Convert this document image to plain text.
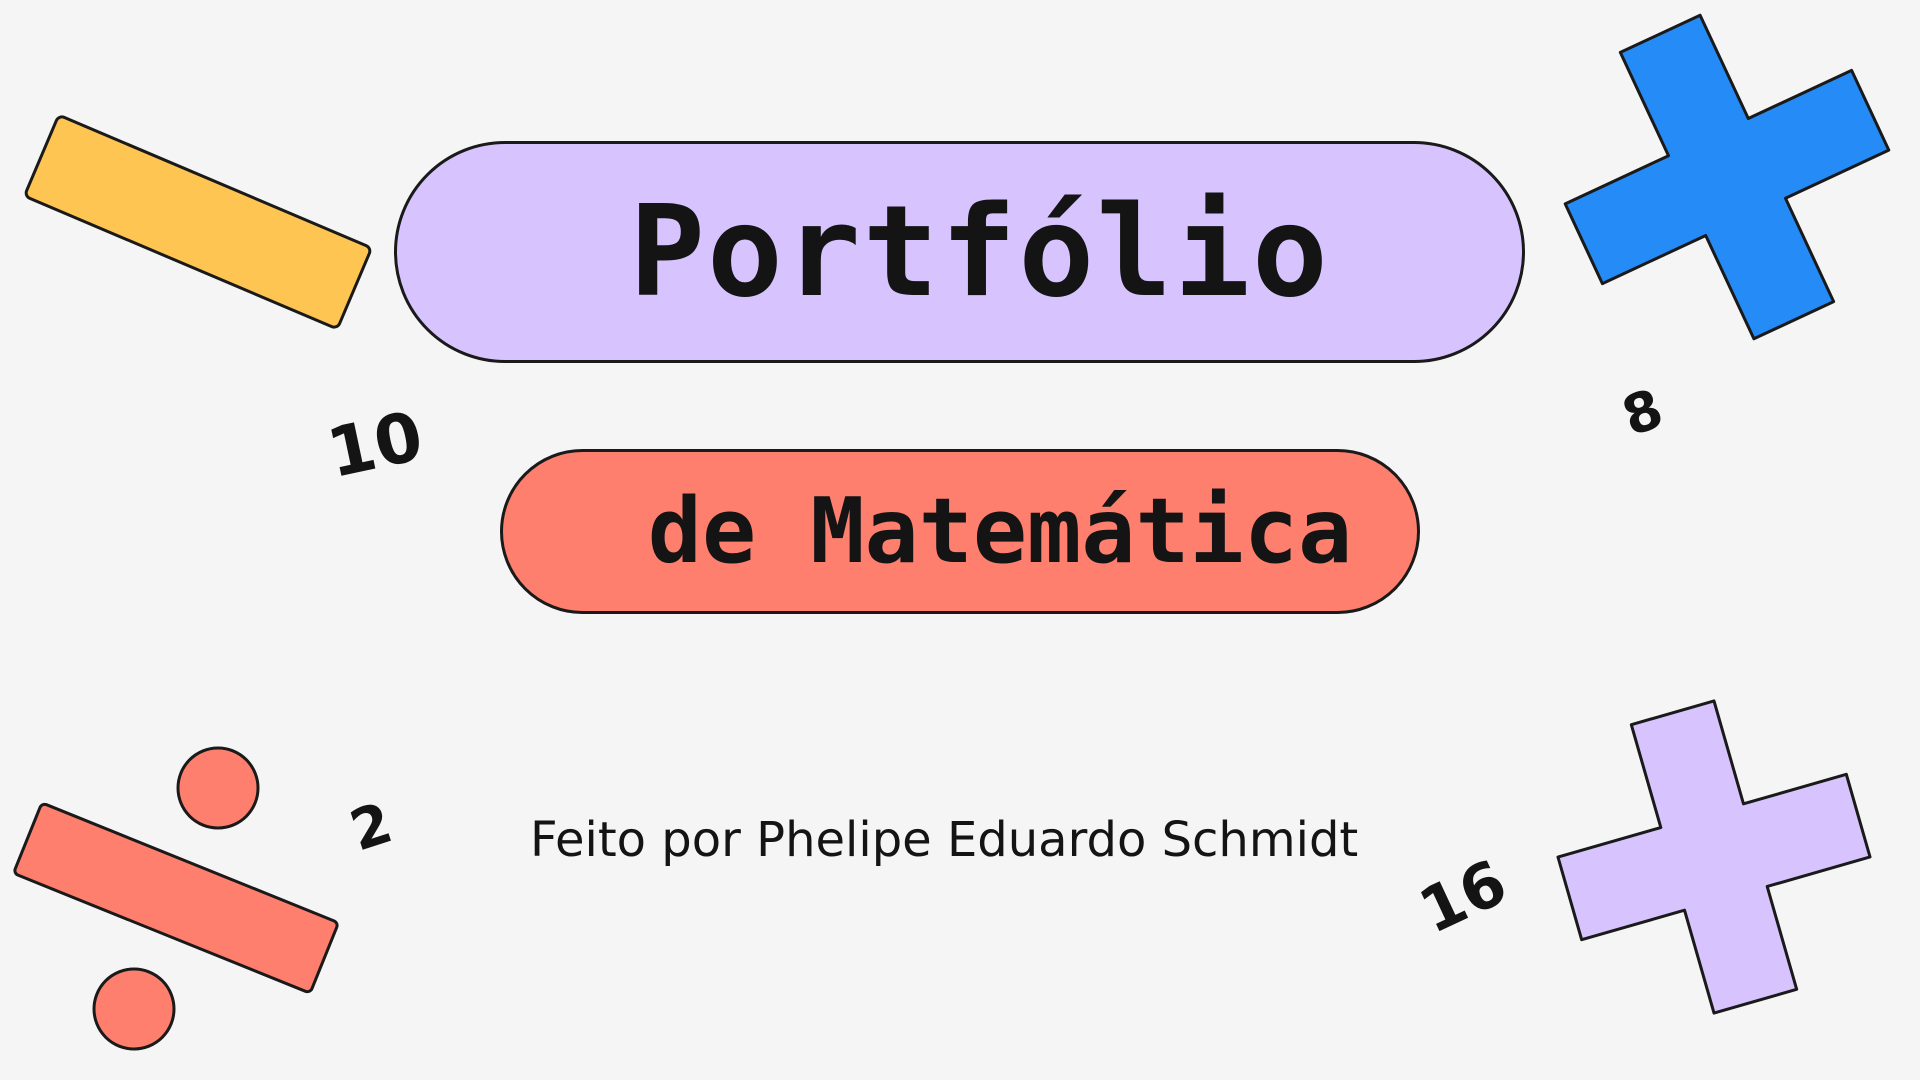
Portfólio
de Matemática
Feito por Phelipe Eduardo Schmidt
10	8
2
16
